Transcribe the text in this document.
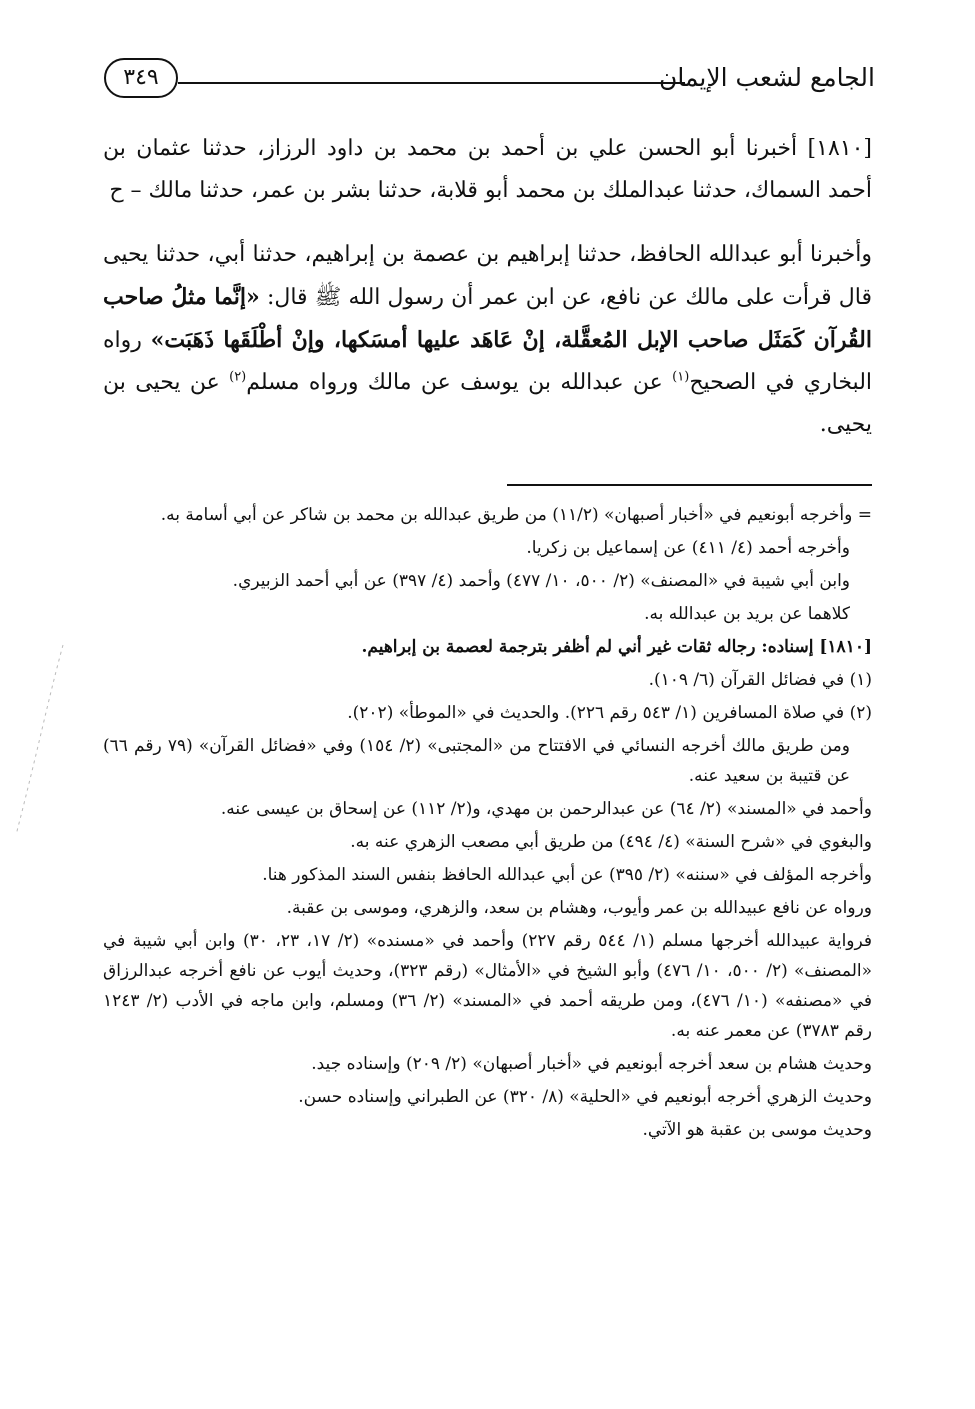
الجامع لشعب الإيمان
٣٤٩

[١٨١٠] أخبرنا أبو الحسن علي بن أحمد بن محمد بن داود الرزاز، حدثنا عثمان بن أحمد السماك، حدثنا عبدالملك بن محمد أبو قلابة، حدثنا بشر بن عمر، حدثنا مالك – ح

وأخبرنا أبو عبدالله الحافظ، حدثنا إبراهيم بن عصمة بن إبراهيم، حدثنا أبي، حدثنا يحيى قال قرأت على مالك عن نافع، عن ابن عمر أن رسول الله ﷺ قال: «إنَّما مثلُ صاحب القُرآن كَمَثَل صاحب الإبل المُعقَّلة، إنْ عَاهَد عليها أمسَكها، وإنْ أطْلَقَها ذَهَبَت» رواه البخاري في الصحيح$^{(١)}$ عن عبدالله بن يوسف عن مالك ورواه مسلم$^{(٢)}$ عن يحيى بن يحيى.

= وأخرجه أبونعيم في «أخبار أصبهان» (١١/٢) من طريق عبدالله بن محمد بن شاكر عن أبي أسامة به.

وأخرجه أحمد (٤/ ٤١١) عن إسماعيل بن زكريا.

وابن أبي شيبة في «المصنف» (٢/ ٥٠٠، ١٠/ ٤٧٧) وأحمد (٤/ ٣٩٧) عن أبي أحمد الزبيري.

كلاهما عن بريد بن عبدالله به.

[١٨١٠] إسناده: رجاله ثقات غير أني لم أظفر بترجمة لعصمة بن إبراهيم.

(١) في فضائل القرآن (٦/ ١٠٩).

(٢) في صلاة المسافرين (١/ ٥٤٣ رقم ٢٢٦). والحديث في «الموطأ» (٢٠٢).

ومن طريق مالك أخرجه النسائي في الافتتاح من «المجتبى» (٢/ ١٥٤) وفي «فضائل القرآن» (٧٩ رقم ٦٦) عن قتيبة بن سعيد عنه.

وأحمد في «المسند» (٢/ ٦٤) عن عبدالرحمن بن مهدي، و(٢/ ١١٢) عن إسحاق بن عيسى عنه.

والبغوي في «شرح السنة» (٤/ ٤٩٤) من طريق أبي مصعب الزهري عنه به.

وأخرجه المؤلف في «سننه» (٢/ ٣٩٥) عن أبي عبدالله الحافظ بنفس السند المذكور هنا.

ورواه عن نافع عبيدالله بن عمر وأيوب، وهشام بن سعد، والزهري، وموسى بن عقبة.

فرواية عبيدالله أخرجها مسلم (١/ ٥٤٤ رقم ٢٢٧) وأحمد في «مسنده» (٢/ ١٧، ٢٣، ٣٠) وابن أبي شيبة في «المصنف» (٢/ ٥٠٠، ١٠/ ٤٧٦) وأبو الشيخ في «الأمثال» (رقم ٣٢٣)، وحديث أيوب عن نافع أخرجه عبدالرزاق في «مصنفه» (١٠/ ٤٧٦)، ومن طريقه أحمد في «المسند» (٢/ ٣٦) ومسلم، وابن ماجه في الأدب (٢/ ١٢٤٣ رقم ٣٧٨٣) عن معمر عنه به.

وحديث هشام بن سعد أخرجه أبونعيم في «أخبار أصبهان» (٢/ ٢٠٩) وإسناده جيد.

وحديث الزهري أخرجه أبونعيم في «الحلية» (٨/ ٣٢٠) عن الطبراني وإسناده حسن.

وحديث موسى بن عقبة هو الآتي.
